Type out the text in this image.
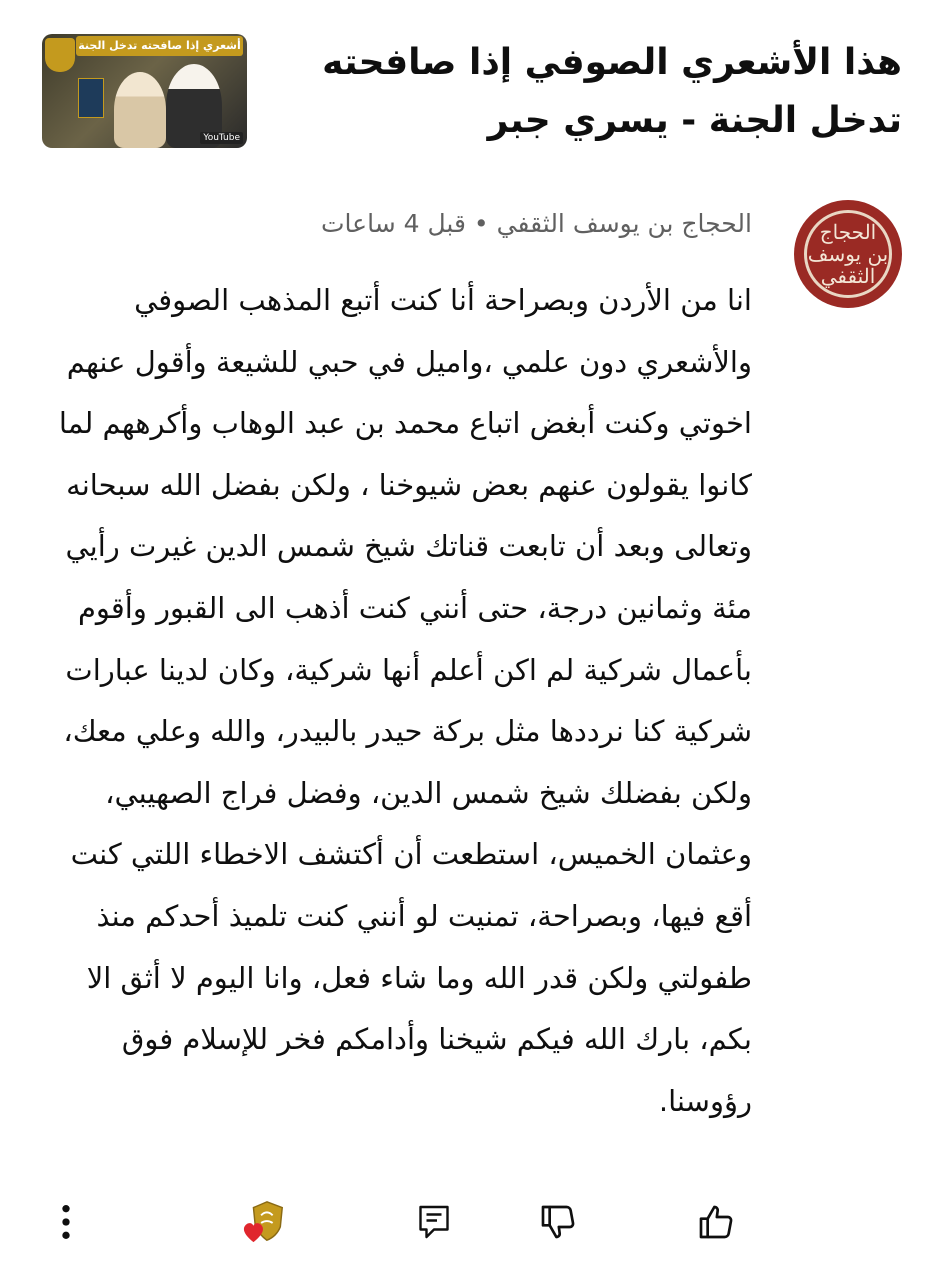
هذا الأشعري الصوفي إذا صافحته تدخل الجنة - يسري جبر
أشعري إذا صافحته تدخل الجنة
YouTube
الحجاج بن يوسف الثقفي
الحجاج بن يوسف الثقفي•قبل 4 ساعات
انا من الأردن وبصراحة أنا كنت أتبع المذهب الصوفي والأشعري دون علمي ،واميل في حبي للشيعة وأقول عنهم اخوتي وكنت أبغض اتباع محمد بن عبد الوهاب وأكرههم لما كانوا يقولون عنهم بعض شيوخنا ، ولكن بفضل الله سبحانه وتعالى وبعد أن تابعت قناتك شيخ شمس الدين غيرت رأيي مئة وثمانين درجة، حتى أنني كنت أذهب الى القبور وأقوم بأعمال شركية لم اكن أعلم أنها شركية، وكان لدينا عبارات شركية كنا نرددها مثل بركة حيدر بالبيدر، والله وعلي معك، ولكن بفضلك شيخ شمس الدين، وفضل فراج الصهيبي، وعثمان الخميس، استطعت أن أكتشف الاخطاء اللتي كنت أقع فيها، وبصراحة، تمنيت لو أنني كنت تلميذ أحدكم منذ طفولتي ولكن قدر الله وما شاء فعل، وانا اليوم لا أثق الا بكم، بارك الله فيكم شيخنا وأدامكم فخر للإسلام فوق رؤوسنا.
